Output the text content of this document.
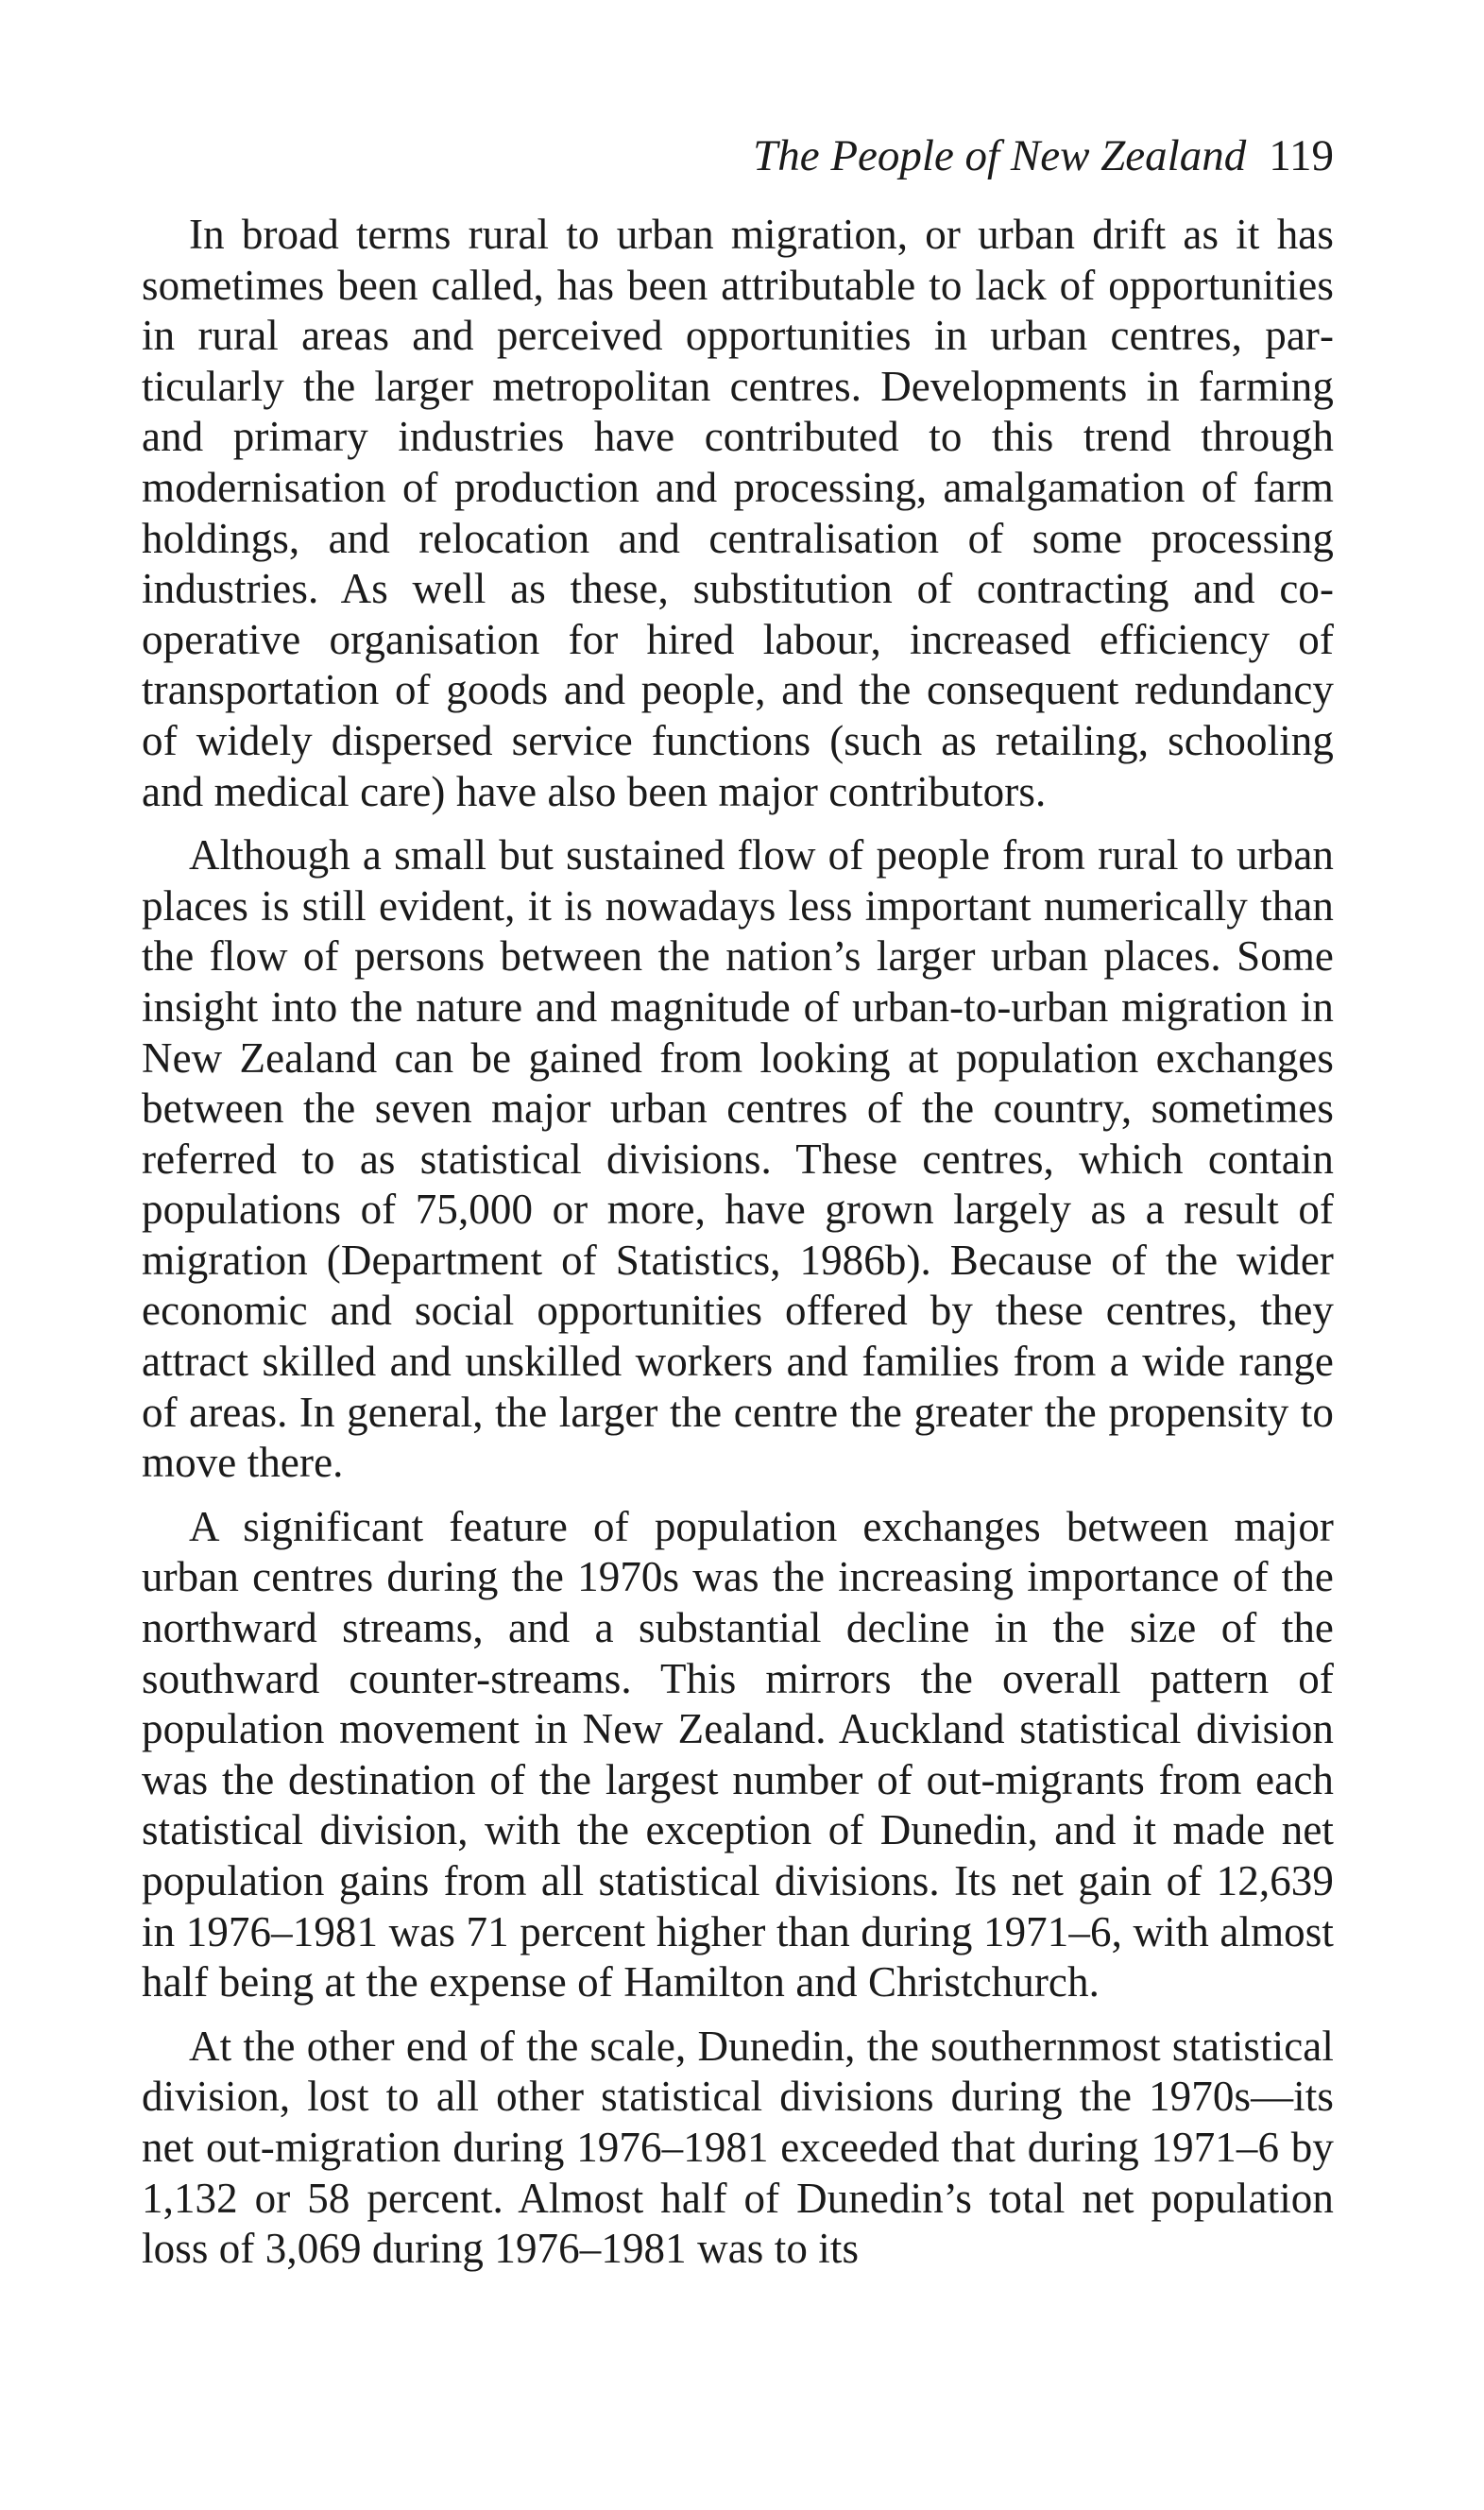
The People of New Zealand 119

In broad terms rural to urban migration, or urban drift as it has sometimes been called, has been attributable to lack of opportunities in rural areas and perceived opportunities in urban centres, particularly the larger metropolitan centres. Developments in farming and primary industries have contributed to this trend through modernisation of production and processing, amalgamation of farm holdings, and relocation and centralisation of some processing industries. As well as these, substitution of contracting and cooperative organisation for hired labour, increased efficiency of transportation of goods and people, and the consequent redundancy of widely dispersed service functions (such as retailing, schooling and medical care) have also been major contributors.

Although a small but sustained flow of people from rural to urban places is still evident, it is nowadays less important numerically than the flow of persons between the nation’s larger urban places. Some insight into the nature and magnitude of urban-to-urban migration in New Zealand can be gained from looking at population exchanges between the seven major urban centres of the country, sometimes referred to as statistical divisions. These centres, which contain populations of 75,000 or more, have grown largely as a result of migration (Department of Statistics, 1986b). Because of the wider economic and social opportunities offered by these centres, they attract skilled and unskilled workers and families from a wide range of areas. In general, the larger the centre the greater the propensity to move there.

A significant feature of population exchanges between major urban centres during the 1970s was the increasing importance of the northward streams, and a substantial decline in the size of the southward counter-streams. This mirrors the overall pattern of population movement in New Zealand. Auckland statistical division was the destination of the largest number of out-migrants from each statistical division, with the exception of Dunedin, and it made net population gains from all statistical divisions. Its net gain of 12,639 in 1976–1981 was 71 percent higher than during 1971–6, with almost half being at the expense of Hamilton and Christchurch.

At the other end of the scale, Dunedin, the southernmost statistical division, lost to all other statistical divisions during the 1970s—its net out-migration during 1976–1981 exceeded that during 1971–6 by 1,132 or 58 percent. Almost half of Dunedin’s total net population loss of 3,069 during 1976–1981 was to its
